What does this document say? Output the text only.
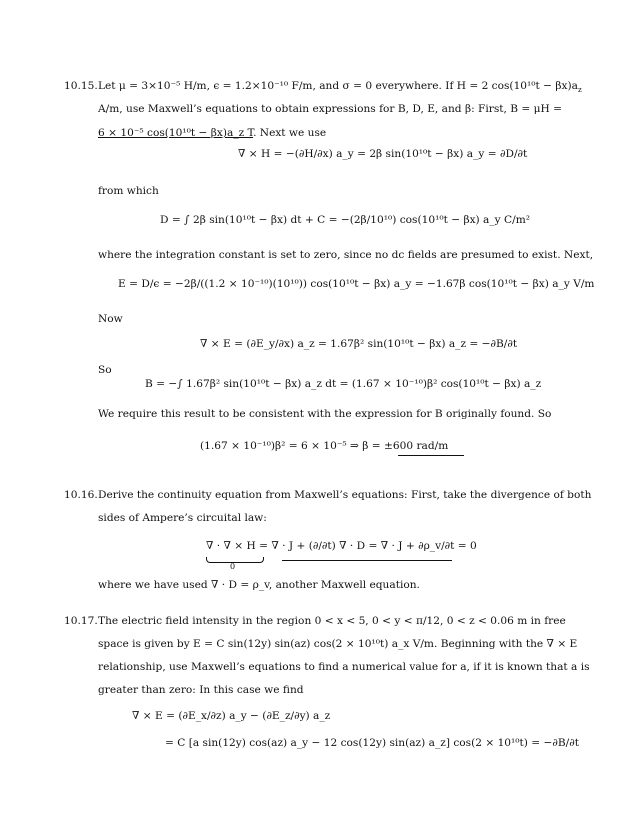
10.15. Let μ = 3×10⁻⁵ H/m, ϵ = 1.2×10⁻¹⁰ F/m, and σ = 0 everywhere. If H = 2 $\cos(10^{10}t - \beta x)a_z$
A/m, use Maxwell’s equations to obtain expressions for B, D, E, and β: First, B = μH =
6 × 10⁻⁵ cos(10¹⁰t − βx)a_z T. Next we use
∇ × H = −(∂H/∂x) a_y = 2β sin(10¹⁰t − βx) a_y = ∂D/∂t
from which
D = ∫ 2β sin(10¹⁰t − βx) dt + C = −(2β/10¹⁰) cos(10¹⁰t − βx) a_y C/m²
where the integration constant is set to zero, since no dc fields are presumed to exist. Next,
E = D/ϵ = −2β/((1.2 × 10⁻¹⁰)(10¹⁰)) cos(10¹⁰t − βx) a_y = −1.67β cos(10¹⁰t − βx) a_y V/m
Now
∇ × E = (∂E_y/∂x) a_z = 1.67β² sin(10¹⁰t − βx) a_z = −∂B/∂t
So
B = −∫ 1.67β² sin(10¹⁰t − βx) a_z dt = (1.67 × 10⁻¹⁰)β² cos(10¹⁰t − βx) a_z
We require this result to be consistent with the expression for B originally found. So
(1.67 × 10⁻¹⁰)β² = 6 × 10⁻⁵ ⇒ β = ±600 rad/m
10.16. Derive the continuity equation from Maxwell’s equations: First, take the divergence of both
sides of Ampere’s circuital law:
∇ · ∇ × H = ∇ · J + (∂/∂t) ∇ · D = ∇ · J + ∂ρ_v/∂t = 0
0
where we have used ∇ · D = ρ_v, another Maxwell equation.
10.17. The electric field intensity in the region 0 < x < 5, 0 < y < π/12, 0 < z < 0.06 m in free
space is given by E = C sin(12y) sin(az) cos(2 × 10¹⁰t) a_x V/m. Beginning with the ∇ × E
relationship, use Maxwell’s equations to find a numerical value for a, if it is known that a is
greater than zero: In this case we find
∇ × E = (∂E_x/∂z) a_y − (∂E_z/∂y) a_z
= C [a sin(12y) cos(az) a_y − 12 cos(12y) sin(az) a_z] cos(2 × 10¹⁰t) = −∂B/∂t
